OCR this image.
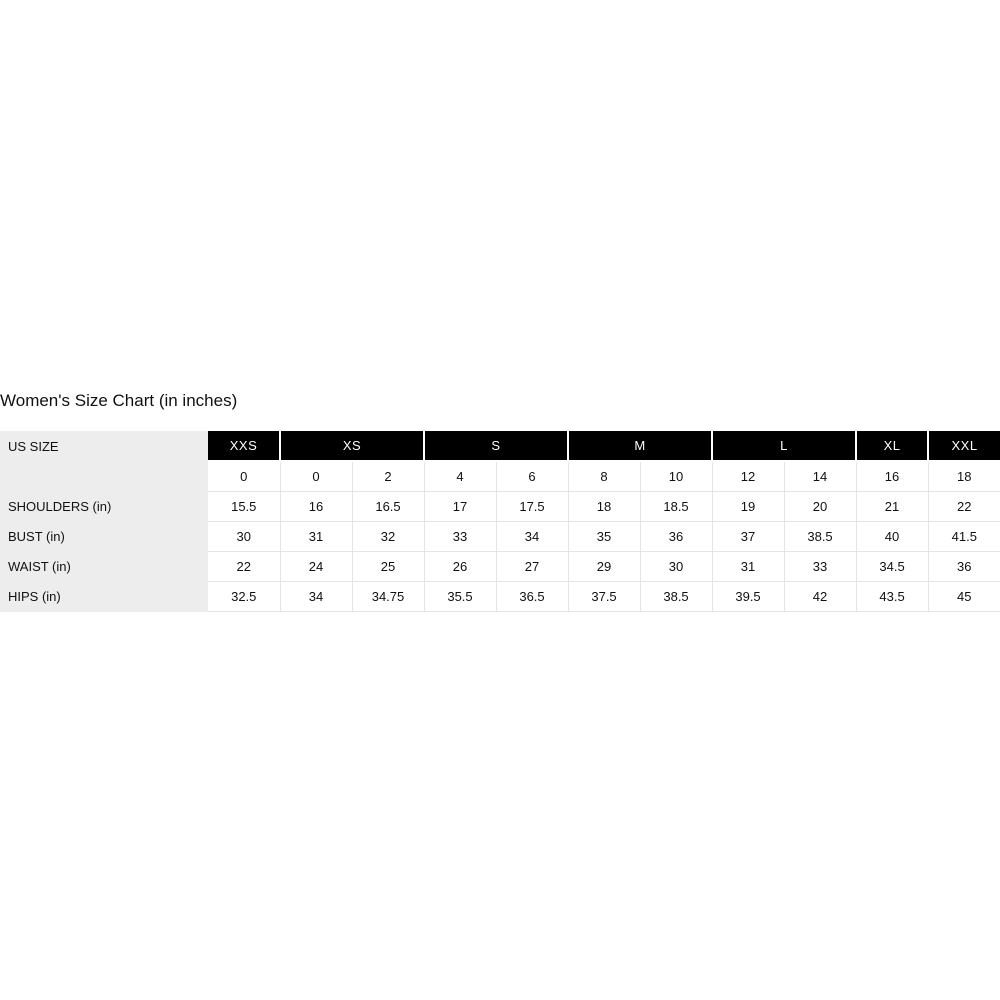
Women's Size Chart (in inches)
US SIZE	XXS	XS		S		M		L		XL	XXL
	0	0	2	4	6	8	10	12	14	16	18
SHOULDERS (in)	15.5	16	16.5	17	17.5	18	18.5	19	20	21	22
BUST (in)	30	31	32	33	34	35	36	37	38.5	40	41.5
WAIST (in)	22	24	25	26	27	29	30	31	33	34.5	36
HIPS (in)	32.5	34	34.75	35.5	36.5	37.5	38.5	39.5	42	43.5	45
